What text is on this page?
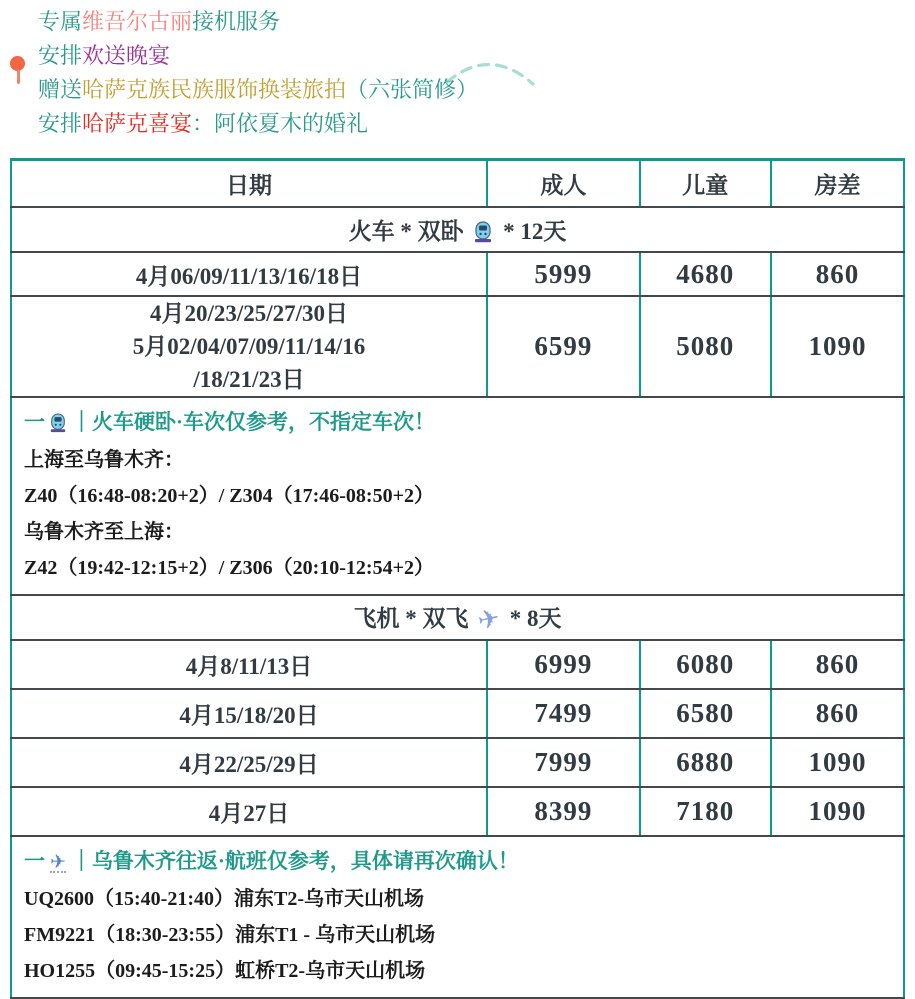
专属维吾尔古丽接机服务
安排欢送晚宴
赠送哈萨克族民族服饰换装旅拍（六张简修）
安排哈萨克喜宴：阿依夏木的婚礼
日期	成人	儿童	房差
火车 * 双卧 * 12天			
4月06/09/11/13/16/18日	5999	4680	860

4月20/23/25/27/30日
5月02/04/07/09/11/14/16
/18/21/23日	6599	5080	1090

一 ｜火车硬卧·车次仅参考，不指定车次！

上海至乌鲁木齐：

Z40（16:48-08:20+2）/ Z304（17:46-08:50+2）

乌鲁木齐至上海：

Z42（19:42-12:15+2）/ Z306（20:10-12:54+2）			

飞机 * 双飞 ✈ * 8天			
4月8/11/13日	6999	6080	860
4月15/18/20日	7499	6580	860
4月22/25/29日	7999	6880	1090
4月27日	8399	7180	1090

一 ✈ ｜乌鲁木齐往返·航班仅参考，具体请再次确认！

UQ2600（15:40-21:40）浦东T2-乌市天山机场

FM9221（18:30-23:55）浦东T1 - 乌市天山机场

HO1255（09:45-15:25）虹桥T2-乌市天山机场			
